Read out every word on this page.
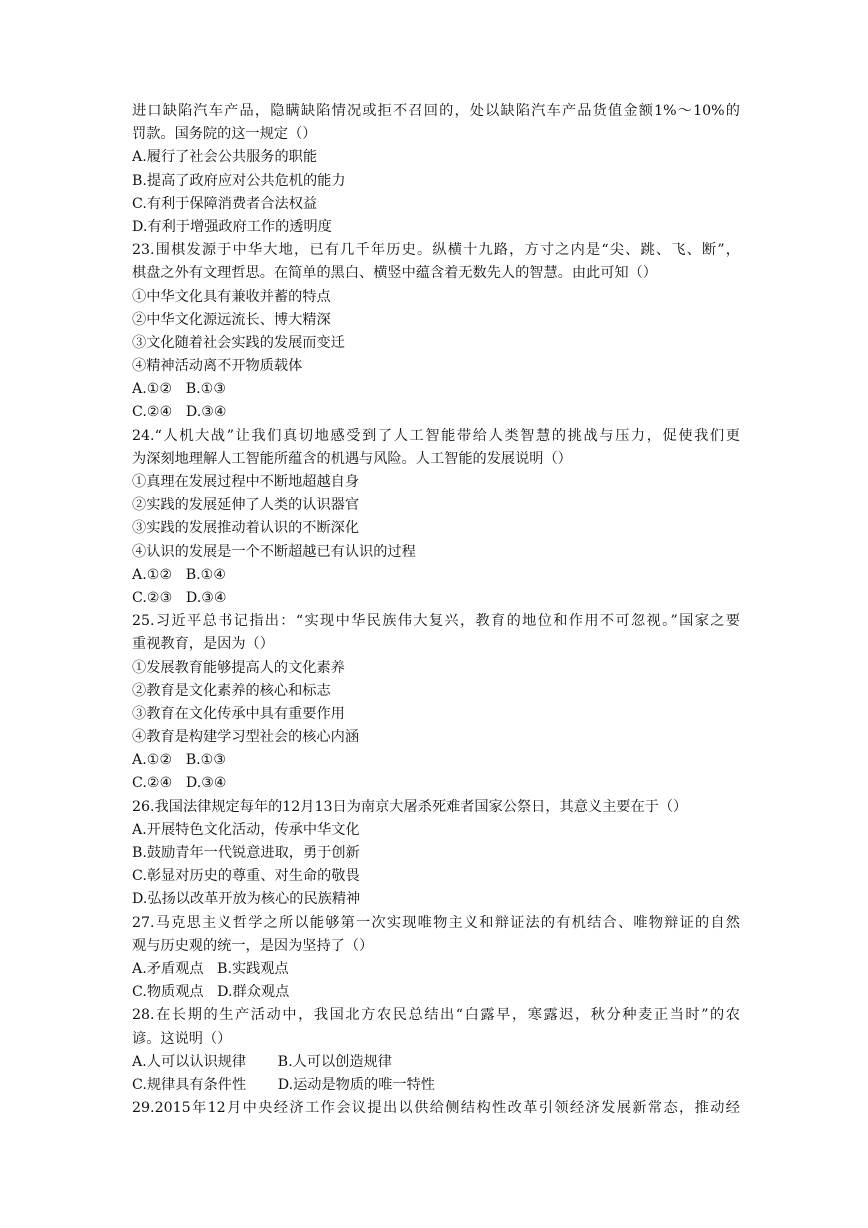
进口缺陷汽车产品，隐瞒缺陷情况或拒不召回的，处以缺陷汽车产品货值金额1%～10%的
罚款。国务院的这一规定（）
A.履行了社会公共服务的职能
B.提高了政府应对公共危机的能力
C.有利于保障消费者合法权益
D.有利于增强政府工作的透明度
23.围棋发源于中华大地，已有几千年历史。纵横十九路，方寸之内是“尖、跳、飞、断”，
棋盘之外有文理哲思。在简单的黑白、横竖中蕴含着无数先人的智慧。由此可知（）
①中华文化具有兼收并蓄的特点
②中华文化源远流长、博大精深
③文化随着社会实践的发展而变迁
④精神活动离不开物质载体
A.①②   B.①③
C.②④   D.③④
24.“人机大战”让我们真切地感受到了人工智能带给人类智慧的挑战与压力，促使我们更
为深刻地理解人工智能所蕴含的机遇与风险。人工智能的发展说明（）
①真理在发展过程中不断地超越自身
②实践的发展延伸了人类的认识器官
③实践的发展推动着认识的不断深化
④认识的发展是一个不断超越已有认识的过程
A.①②   B.①④
C.②③   D.③④
25.习近平总书记指出：“实现中华民族伟大复兴，教育的地位和作用不可忽视。”国家之要
重视教育，是因为（）
①发展教育能够提高人的文化素养
②教育是文化素养的核心和标志
③教育在文化传承中具有重要作用
④教育是构建学习型社会的核心内涵
A.①②   B.①③
C.②④   D.③④
26.我国法律规定每年的12月13日为南京大屠杀死难者国家公祭日，其意义主要在于（）
A.开展特色文化活动，传承中华文化
B.鼓励青年一代锐意进取，勇于创新
C.彰显对历史的尊重、对生命的敬畏
D.弘扬以改革开放为核心的民族精神
27.马克思主义哲学之所以能够第一次实现唯物主义和辩证法的有机结合、唯物辩证的自然
观与历史观的统一，是因为坚持了（）
A.矛盾观点   B.实践观点
C.物质观点   D.群众观点
28.在长期的生产活动中，我国北方农民总结出“白露早，寒露迟，秋分种麦正当时”的农
谚。这说明（）
A.人可以认识规律       B.人可以创造规律
C.规律具有条件性       D.运动是物质的唯一特性
29.2015年12月中央经济工作会议提出以供给侧结构性改革引领经济发展新常态，推动经
